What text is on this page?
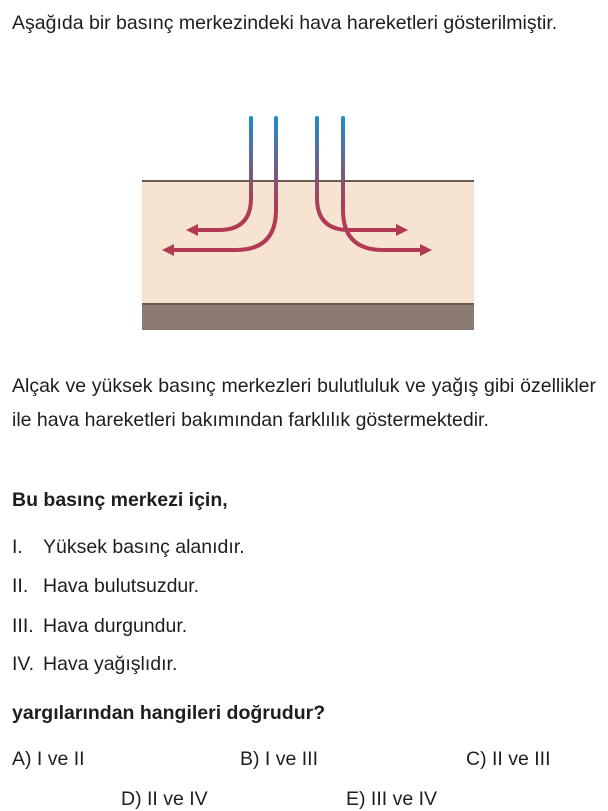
Aşağıda bir basınç merkezindeki hava hareketleri gösterilmiştir.

Alçak ve yüksek basınç merkezleri bulutluluk ve yağış gibi özellikler ile hava hareketleri bakımından farklılık göstermektedir.

Bu basınç merkezi için,
I. Yüksek basınç alanıdır.
II. Hava bulutsuzdur.
III. Hava durgundur.
IV. Hava yağışlıdır.
yargılarından hangileri doğrudur?
A) I ve II	B) I ve III	C) II ve III
D) II ve IV	E) III ve IV
